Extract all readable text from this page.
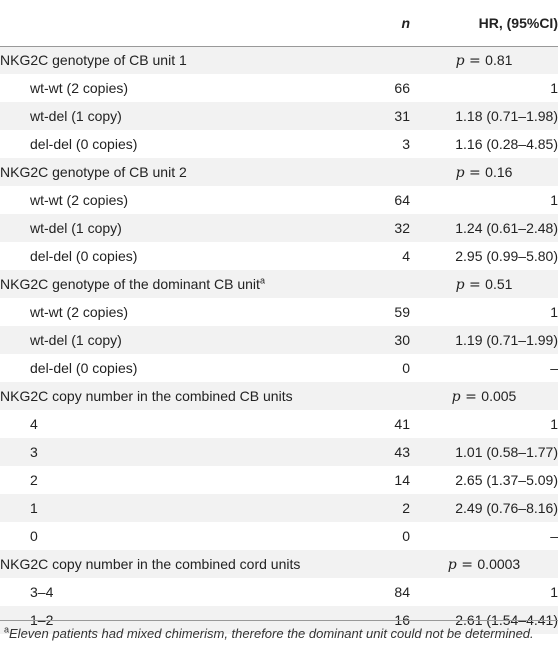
	n	HR, (95%CI)
NKG2C genotype of CB unit 1		p = 0.81
wt-wt (2 copies)	66	1
wt-del (1 copy)	31	1.18 (0.71–1.98)
del-del (0 copies)	3	1.16 (0.28–4.85)
NKG2C genotype of CB unit 2		p = 0.16
wt-wt (2 copies)	64	1
wt-del (1 copy)	32	1.24 (0.61–2.48)
del-del (0 copies)	4	2.95 (0.99–5.80)
NKG2C genotype of the dominant CB unit$^a$		p = 0.51
wt-wt (2 copies)	59	1
wt-del (1 copy)	30	1.19 (0.71–1.99)
del-del (0 copies)	0	–
NKG2C copy number in the combined CB units		p = 0.005
4	41	1
3	43	1.01 (0.58–1.77)
2	14	2.65 (1.37–5.09)
1	2	2.49 (0.76–8.16)
0	0	–
NKG2C copy number in the combined cord units		p = 0.0003
3–4	84	1
1–2	16	2.61 (1.54–4.41)
$^a$Eleven patients had mixed chimerism, therefore the dominant unit could not be determined.
